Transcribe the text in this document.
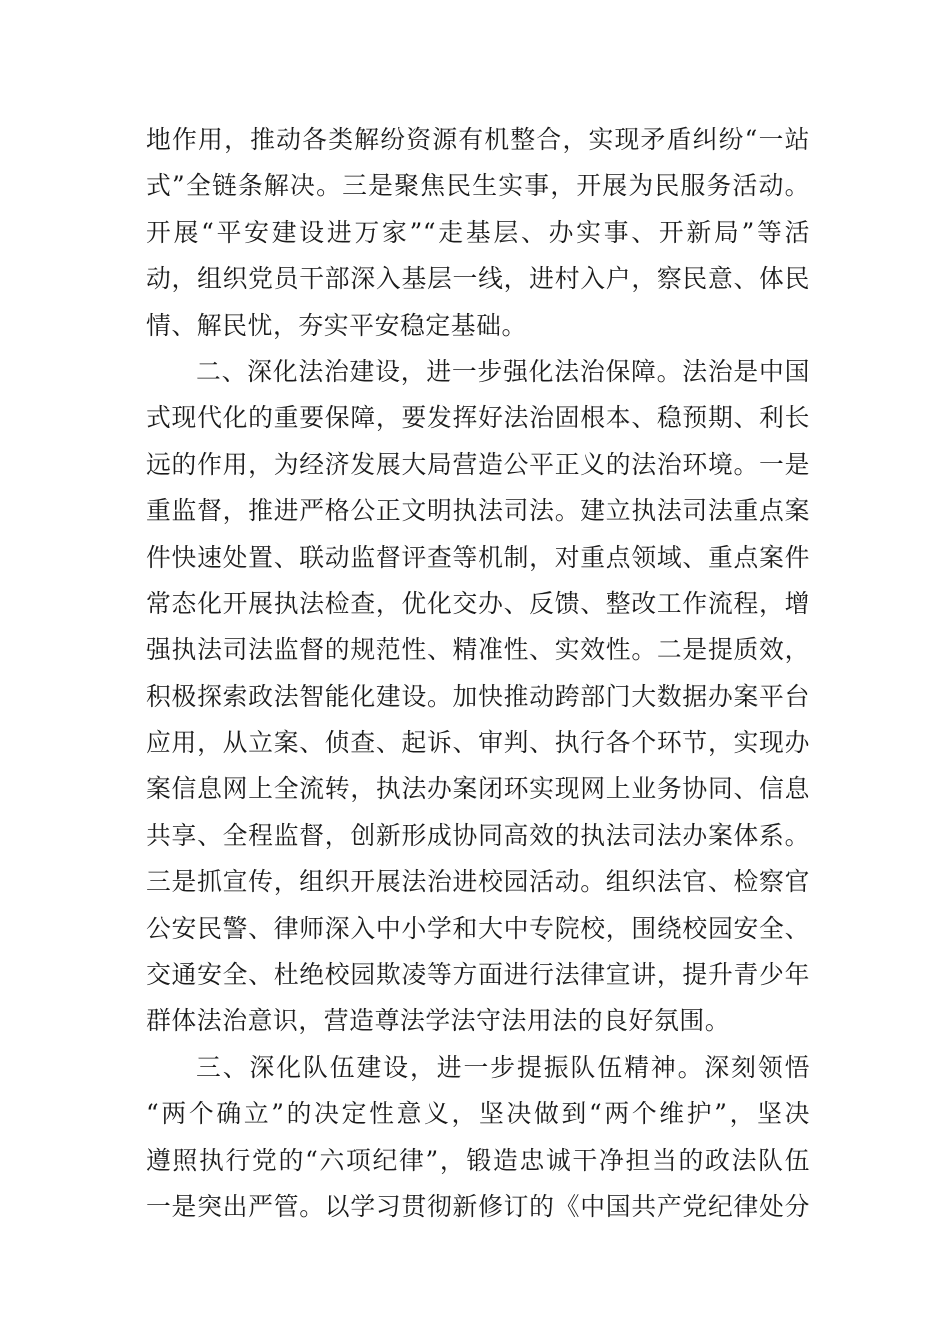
地作用，推动各类解纷资源有机整合，实现矛盾纠纷“一站
式”全链条解决。三是聚焦民生实事，开展为民服务活动。
开展“平安建设进万家”“走基层、办实事、开新局”等活
动，组织党员干部深入基层一线，进村入户，察民意、体民
情、解民忧，夯实平安稳定基础。
二、深化法治建设，进一步强化法治保障。法治是中国
式现代化的重要保障，要发挥好法治固根本、稳预期、利长
远的作用，为经济发展大局营造公平正义的法治环境。一是
重监督，推进严格公正文明执法司法。建立执法司法重点案
件快速处置、联动监督评查等机制，对重点领域、重点案件
常态化开展执法检查，优化交办、反馈、整改工作流程，增
强执法司法监督的规范性、精准性、实效性。二是提质效，
积极探索政法智能化建设。加快推动跨部门大数据办案平台
应用，从立案、侦查、起诉、审判、执行各个环节，实现办
案信息网上全流转，执法办案闭环实现网上业务协同、信息
共享、全程监督，创新形成协同高效的执法司法办案体系。
三是抓宣传，组织开展法治进校园活动。组织法官、检察官
公安民警、律师深入中小学和大中专院校，围绕校园安全、
交通安全、杜绝校园欺凌等方面进行法律宣讲，提升青少年
群体法治意识，营造尊法学法守法用法的良好氛围。
三、深化队伍建设，进一步提振队伍精神。深刻领悟
“两个确立”的决定性意义，坚决做到“两个维护”，坚决
遵照执行党的“六项纪律”，锻造忠诚干净担当的政法队伍
一是突出严管。以学习贯彻新修订的《中国共产党纪律处分
